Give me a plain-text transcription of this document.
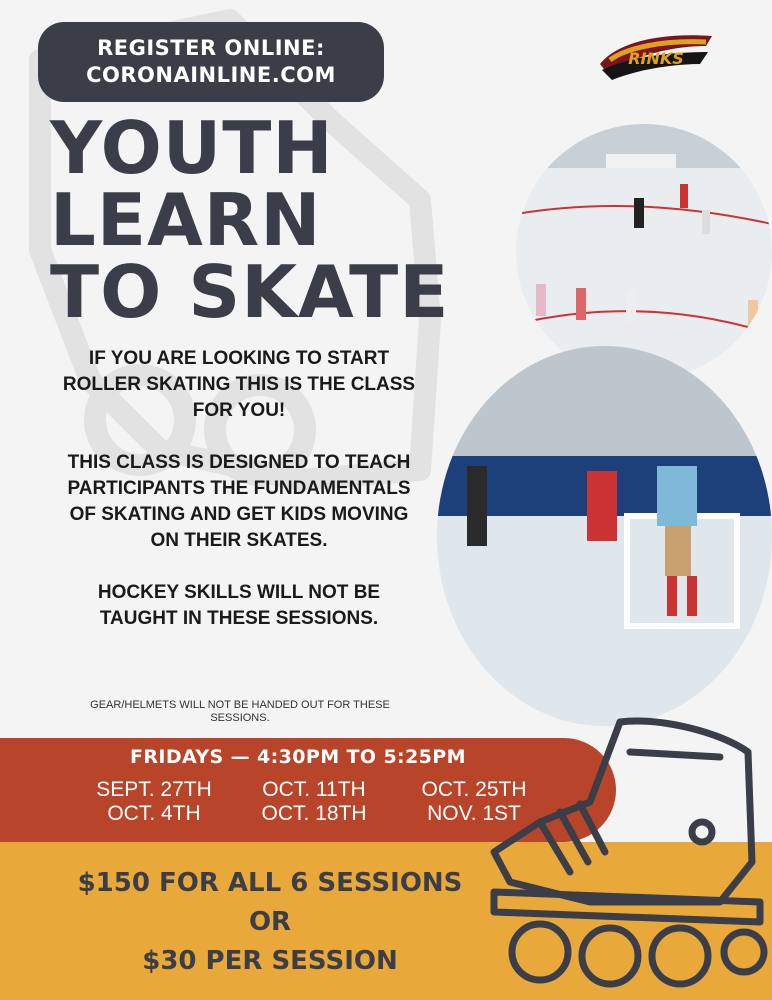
REGISTER ONLINE:
CORONAINLINE.COM
RINKS
YOUTH
LEARN
TO SKATE

IF YOU ARE LOOKING TO START ROLLER SKATING THIS IS THE CLASS FOR YOU!

THIS CLASS IS DESIGNED TO TEACH PARTICIPANTS THE FUNDAMENTALS OF SKATING AND GET KIDS MOVING ON THEIR SKATES.

HOCKEY SKILLS WILL NOT BE TAUGHT IN THESE SESSIONS.

GEAR/HELMETS WILL NOT BE HANDED OUT FOR THESE SESSIONS.
FRIDAYS — 4:30PM TO 5:25PM
SEPT. 27TH	OCT. 11TH	OCT. 25TH
OCT. 4TH	OCT. 18TH	NOV. 1ST
$150 FOR ALL 6 SESSIONS
OR
$30 PER SESSION
